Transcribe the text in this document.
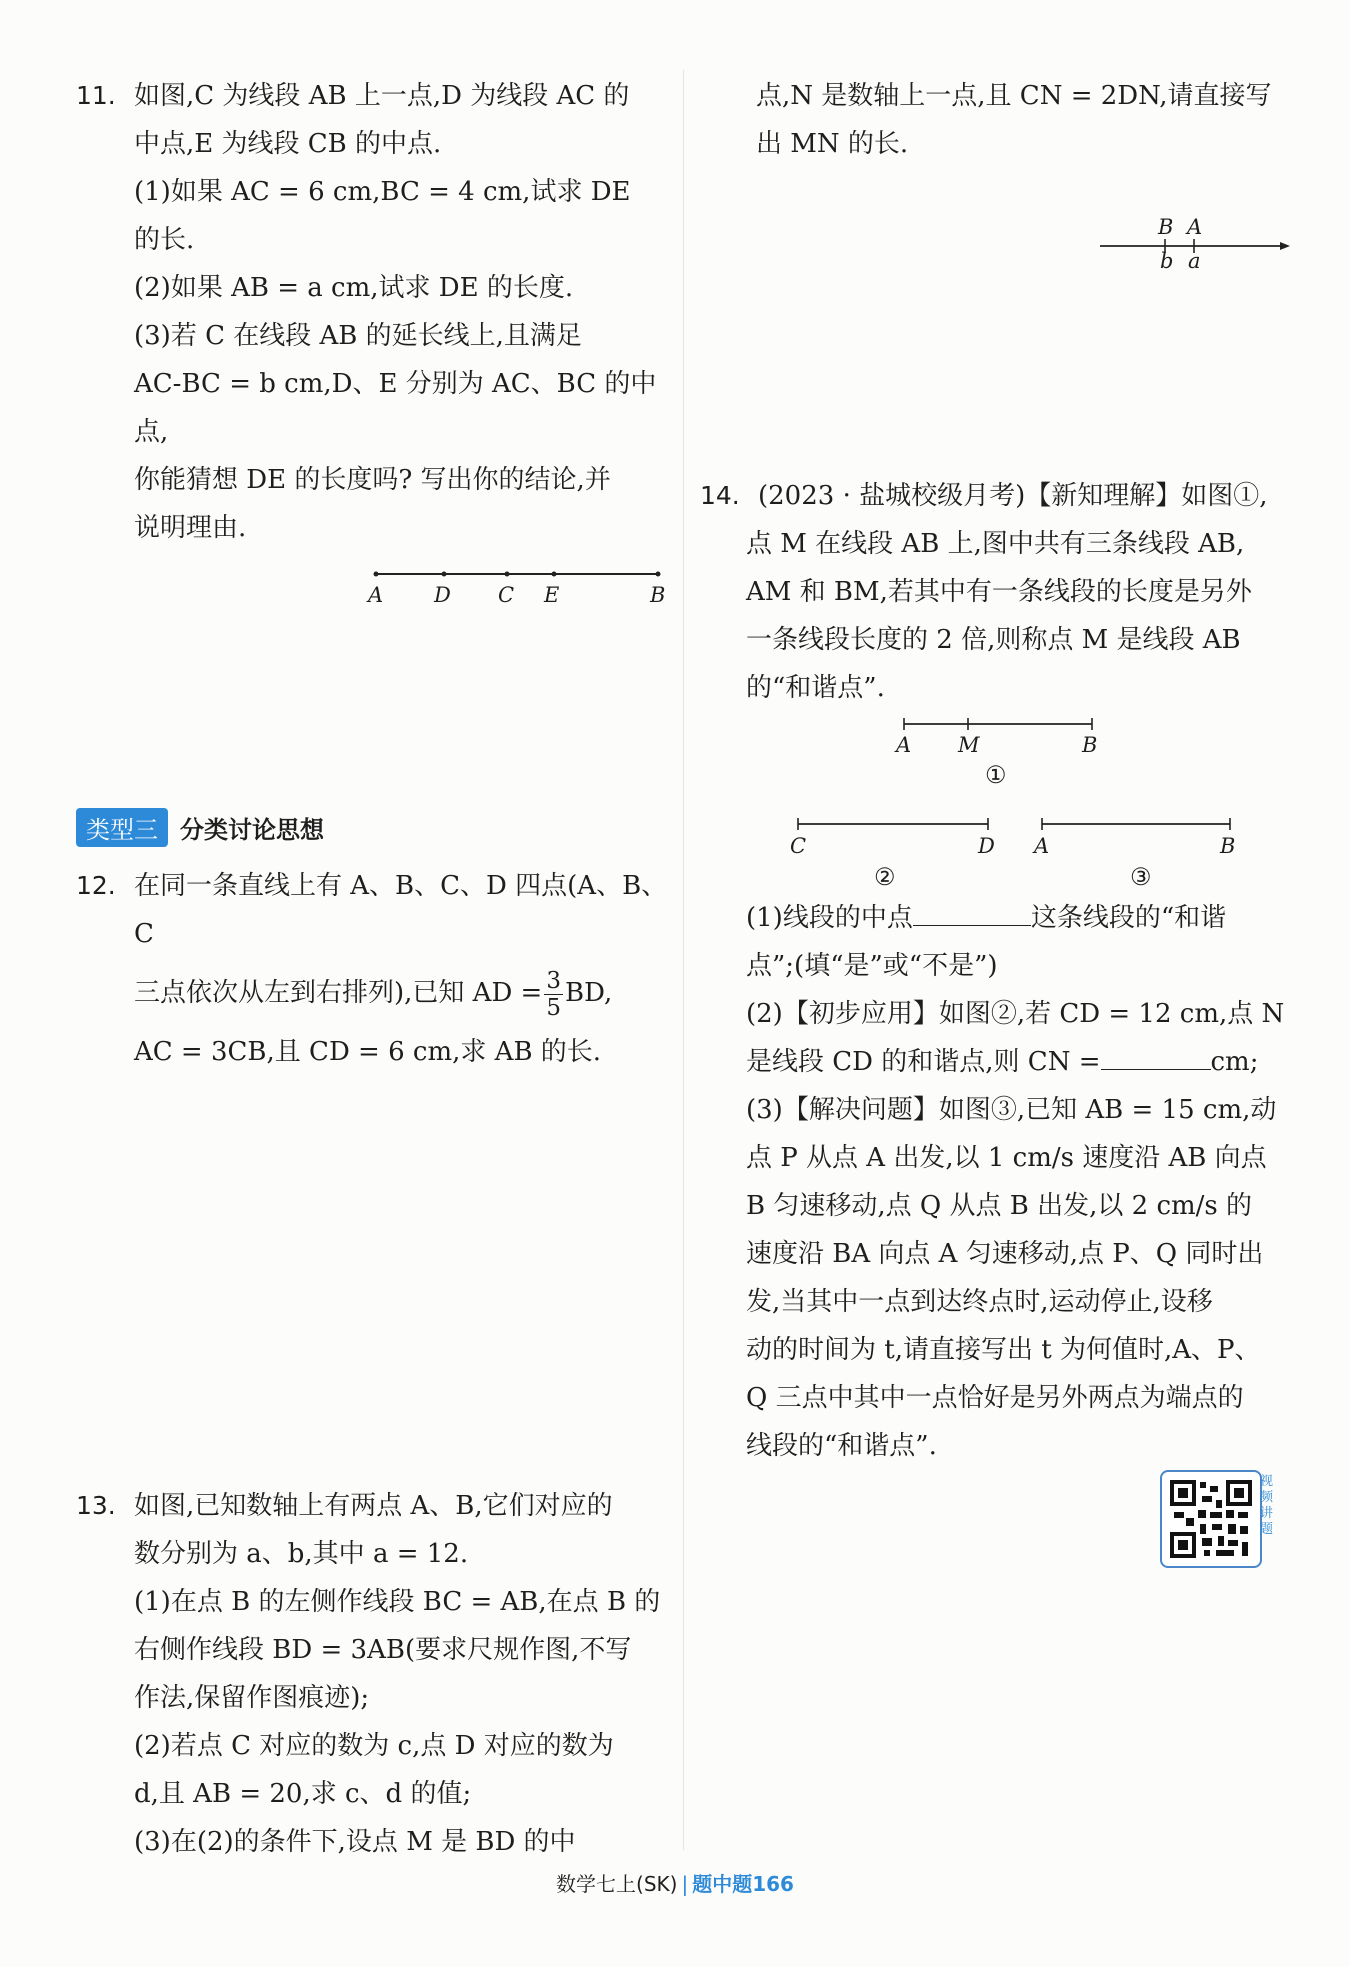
11. 如图,C 为线段 AB 上一点,D 为线段 AC 的

中点,E 为线段 CB 的中点.

(1)如果 AC = 6 cm,BC = 4 cm,试求 DE

的长.

(2)如果 AB = a cm,试求 DE 的长度.

(3)若 C 在线段 AB 的延长线上,且满足

AC-BC = b cm,D、E 分别为 AC、BC 的中点,

你能猜想 DE 的长度吗? 写出你的结论,并

说明理由.

A D C E	B
类型三 分类讨论思想
12. 在同一条直线上有 A、B、C、D 四点(A、B、C

三点依次从左到右排列),已知 AD = $\frac{3}{5}$ BD,

AC = 3CB,且 CD = 6 cm,求 AB 的长.

13. 如图,已知数轴上有两点 A、B,它们对应的

数分别为 a、b,其中 a = 12.

(1)在点 B 的左侧作线段 BC = AB,在点 B 的

右侧作线段 BD = 3AB(要求尺规作图,不写

作法,保留作图痕迹);

(2)若点 C 对应的数为 c,点 D 对应的数为

d,且 AB = 20,求 c、d 的值;

(3)在(2)的条件下,设点 M 是 BD 的中

点,N 是数轴上一点,且 CN = 2DN,请直接写

出 MN 的长.

B A
b a
14. (2023 · 盐城校级月考)【新知理解】如图①,

点 M 在线段 AB 上,图中共有三条线段 AB,

AM 和 BM,若其中有一条线段的长度是另外

一条线段长度的 2 倍,则称点 M 是线段 AB

的“和谐点”.

A M	B
①
C	D
②
A	B
③

(1)线段的中点	这条线段的“和谐

点”;(填“是”或“不是”)

(2)【初步应用】如图②,若 CD = 12 cm,点 N

是线段 CD 的和谐点,则 CN =	cm;

(3)【解决问题】如图③,已知 AB = 15 cm,动

点 P 从点 A 出发,以 1 cm/s 速度沿 AB 向点

B 匀速移动,点 Q 从点 B 出发,以 2 cm/s 的

速度沿 BA 向点 A 匀速移动,点 P、Q 同时出

发,当其中一点到达终点时,运动停止,设移

动的时间为 t,请直接写出 t 为何值时,A、P、

Q 三点中其中一点恰好是另外两点为端点的

线段的“和谐点”.

视频讲题
数学七上(SK) | 题中题166
